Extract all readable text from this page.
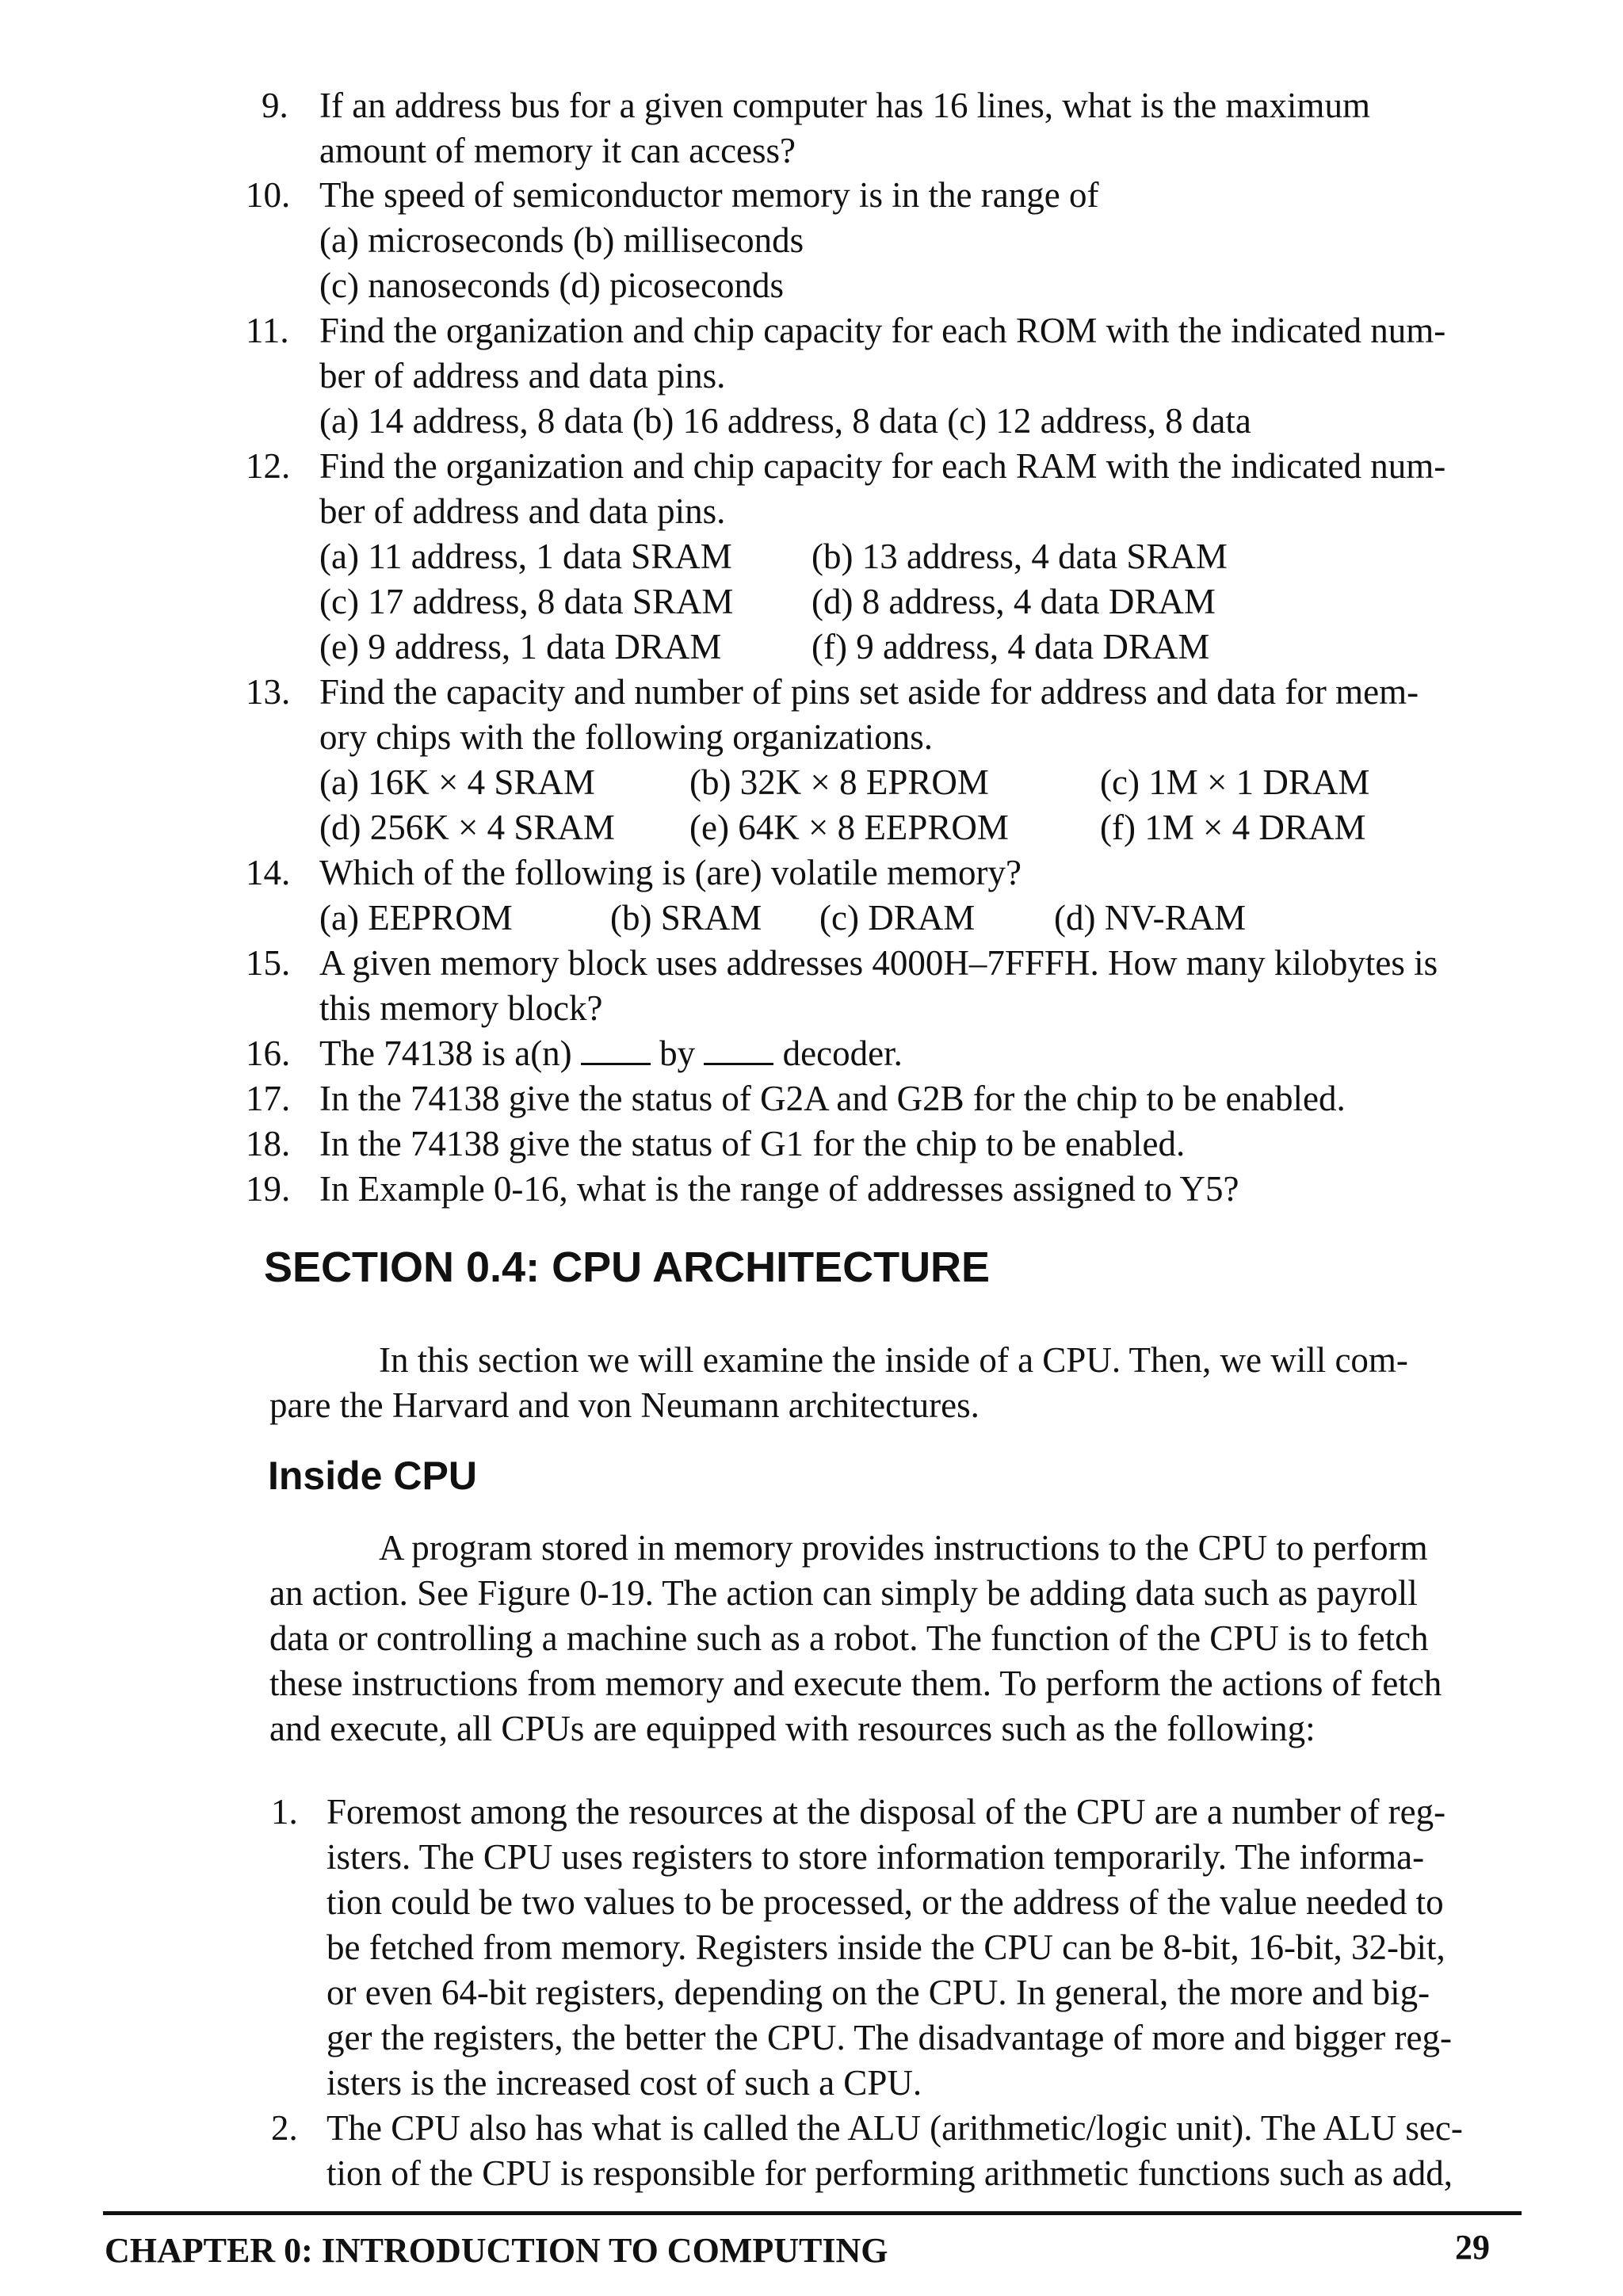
9. If an address bus for a given computer has 16 lines, what is the maximum
amount of memory it can access?
10. The speed of semiconductor memory is in the range of
(a) microseconds (b) milliseconds
(c) nanoseconds (d) picoseconds
11. Find the organization and chip capacity for each ROM with the indicated num-
ber of address and data pins.
(a) 14 address, 8 data (b) 16 address, 8 data (c) 12 address, 8 data
12. Find the organization and chip capacity for each RAM with the indicated num-
ber of address and data pins.
(a) 11 address, 1 data SRAM (b) 13 address, 4 data SRAM
(c) 17 address, 8 data SRAM (d) 8 address, 4 data DRAM
(e) 9 address, 1 data DRAM	(f) 9 address, 4 data DRAM
13. Find the capacity and number of pins set aside for address and data for mem-
ory chips with the following organizations.
(a) 16K × 4 SRAM	(b) 32K × 8 EPROM	(c) 1M × 1 DRAM
(d) 256K × 4 SRAM (e) 64K × 8 EEPROM	(f) 1M × 4 DRAM
14. Which of the following is (are) volatile memory?
(a) EEPROM	(b) SRAM (c) DRAM (d) NV-RAM
15. A given memory block uses addresses 4000H–7FFFH. How many kilobytes is
this memory block?
16. The 74138 is a(n) by decoder.
17. In the 74138 give the status of G2A and G2B for the chip to be enabled.
18. In the 74138 give the status of G1 for the chip to be enabled.
19. In Example 0-16, what is the range of addresses assigned to Y5?
SECTION 0.4: CPU ARCHITECTURE
In this section we will examine the inside of a CPU. Then, we will com-
pare the Harvard and von Neumann architectures.
Inside CPU
A program stored in memory provides instructions to the CPU to perform
an action. See Figure 0-19. The action can simply be adding data such as payroll
data or controlling a machine such as a robot. The function of the CPU is to fetch
these instructions from memory and execute them. To perform the actions of fetch
and execute, all CPUs are equipped with resources such as the following:
1. Foremost among the resources at the disposal of the CPU are a number of reg-
isters. The CPU uses registers to store information temporarily. The informa-
tion could be two values to be processed, or the address of the value needed to
be fetched from memory. Registers inside the CPU can be 8-bit, 16-bit, 32-bit,
or even 64-bit registers, depending on the CPU. In general, the more and big-
ger the registers, the better the CPU. The disadvantage of more and bigger reg-
isters is the increased cost of such a CPU.
2. The CPU also has what is called the ALU (arithmetic/logic unit). The ALU sec-
tion of the CPU is responsible for performing arithmetic functions such as add,
CHAPTER 0: INTRODUCTION TO COMPUTING	29
